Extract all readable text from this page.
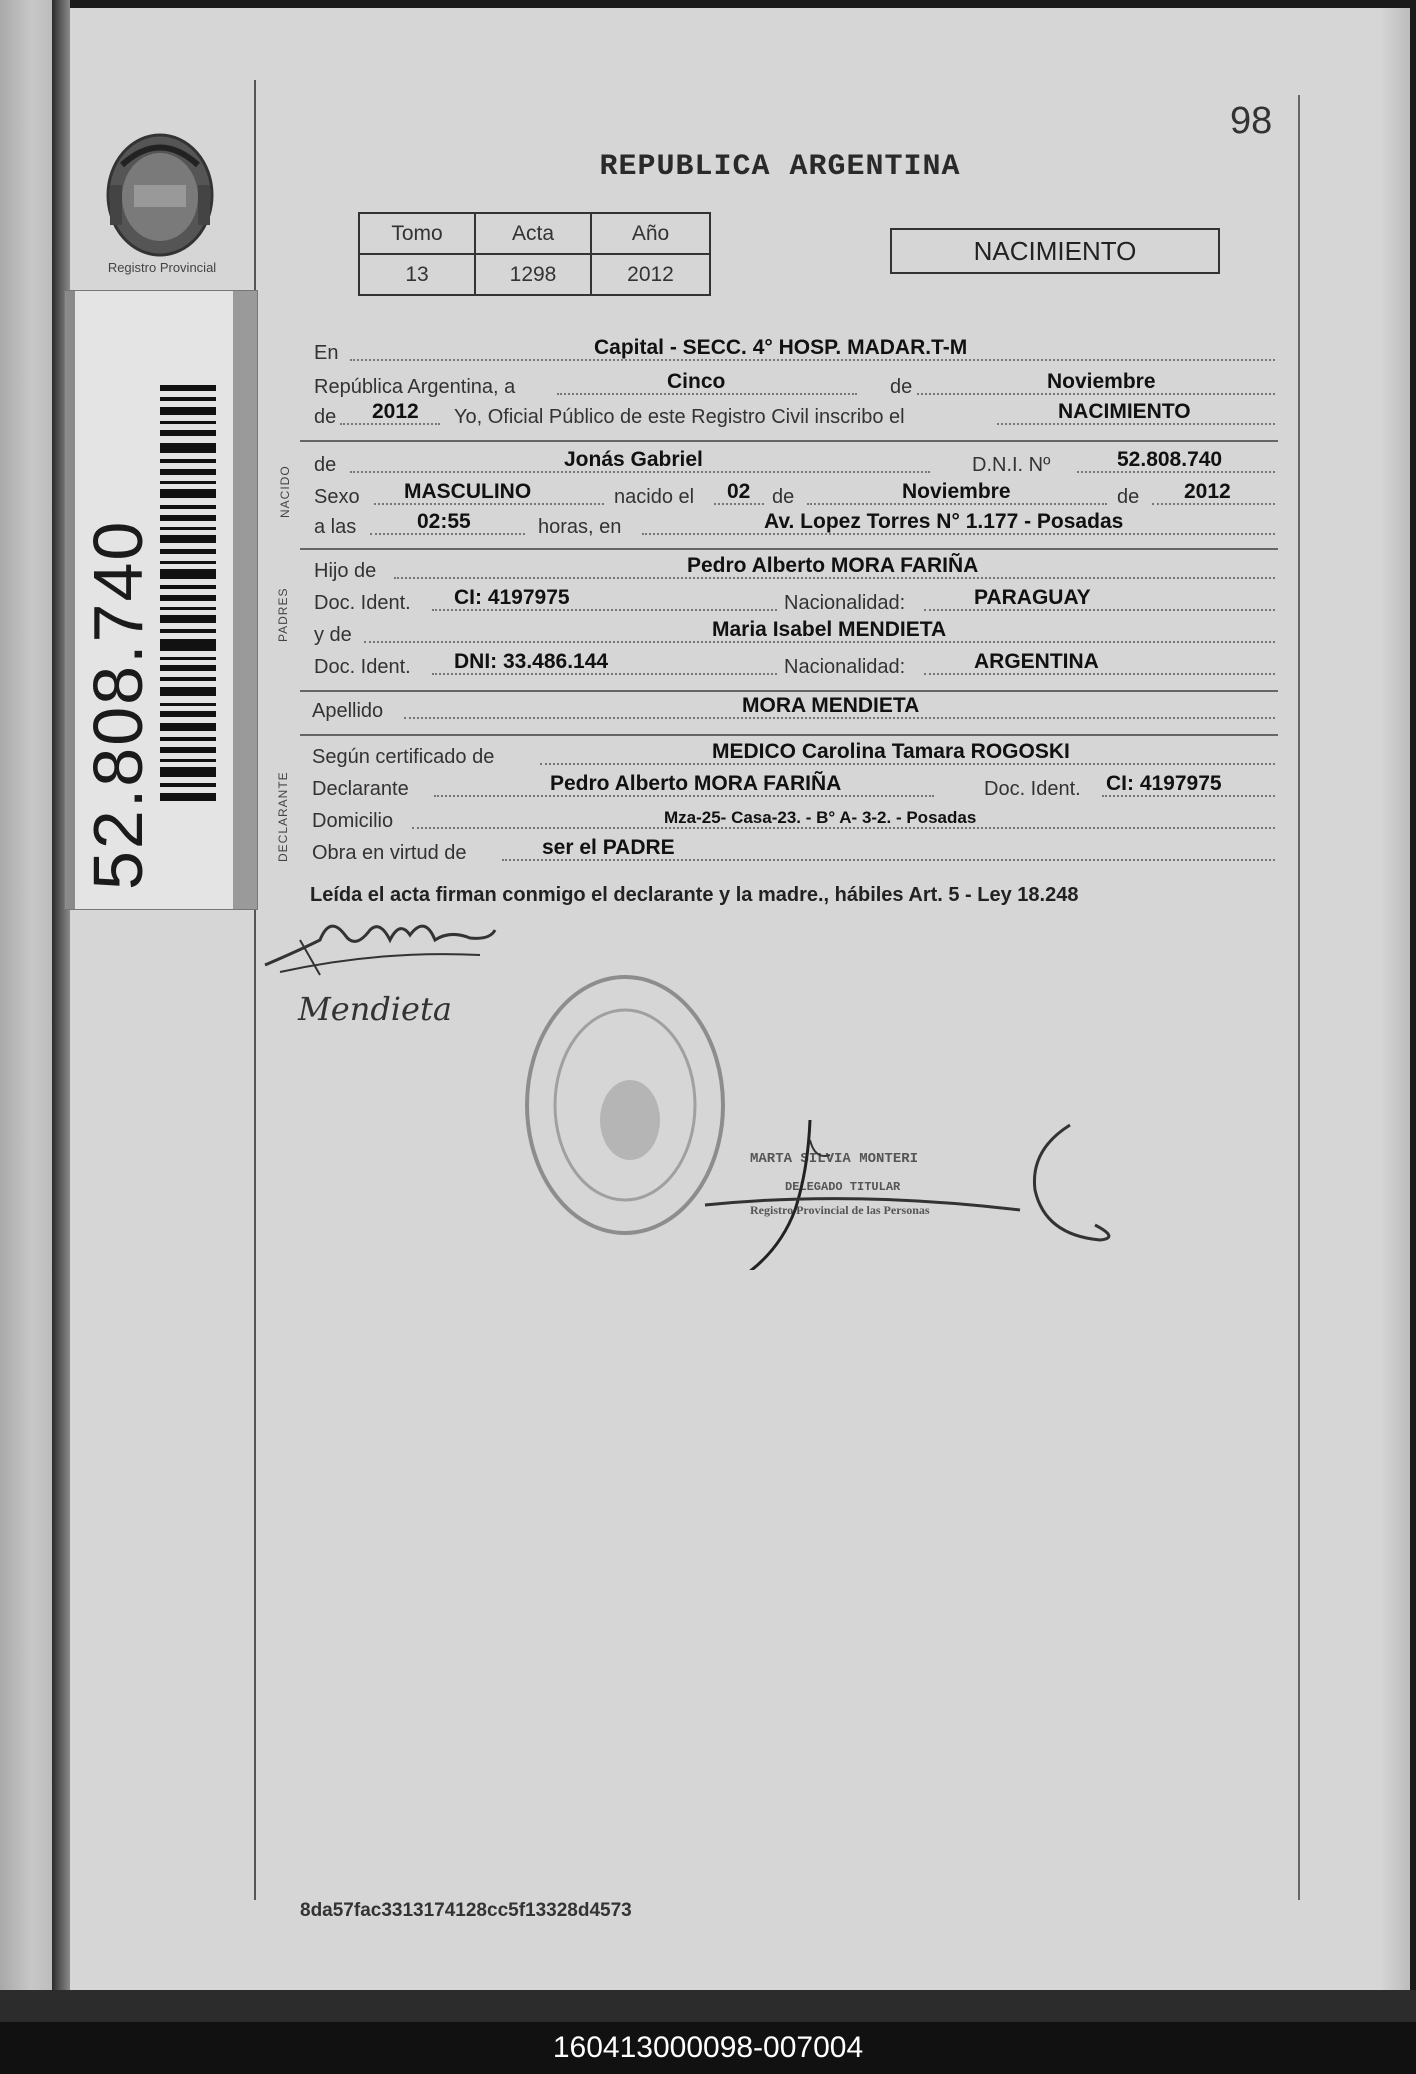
98
REPUBLICA ARGENTINA
Registro Provincial
52.808.740
Tomo	Acta	Año
13	1298	2012
NACIMIENTO
En	Capital - SECC. 4° HOSP. MADAR.T-M
República Argentina, a	Cinco	de	Noviembre
de 2012 Yo, Oficial Público de este Registro Civil inscribo el	NACIMIENTO
NACIDO
de	Jonás Gabriel	D.N.I. Nº	52.808.740
Sexo MASCULINO	nacido el 02 de	Noviembre	de 2012
a las	02:55	horas, en	Av. Lopez Torres N° 1.177 - Posadas
PADRES
Hijo de	Pedro Alberto MORA FARIÑA
Doc. Ident. CI: 4197975	Nacionalidad:	PARAGUAY
y de	Maria Isabel MENDIETA
Doc. Ident. DNI: 33.486.144	Nacionalidad:	ARGENTINA
Apellido	MORA MENDIETA
DECLARANTE
Según certificado de	MEDICO Carolina Tamara ROGOSKI
Declarante	Pedro Alberto MORA FARIÑA	Doc. Ident. CI: 4197975
Domicilio	Mza-25- Casa-23. - B° A- 3-2. - Posadas
Obra en virtud de	ser el PADRE
Leída el acta firman conmigo el declarante y la madre., hábiles Art. 5 - Ley 18.248
Mendieta
MARTA SILVIA MONTERI
DELEGADO TITULAR
Registro Provincial de las Personas
8da57fac3313174128cc5f13328d4573
160413000098-007004
